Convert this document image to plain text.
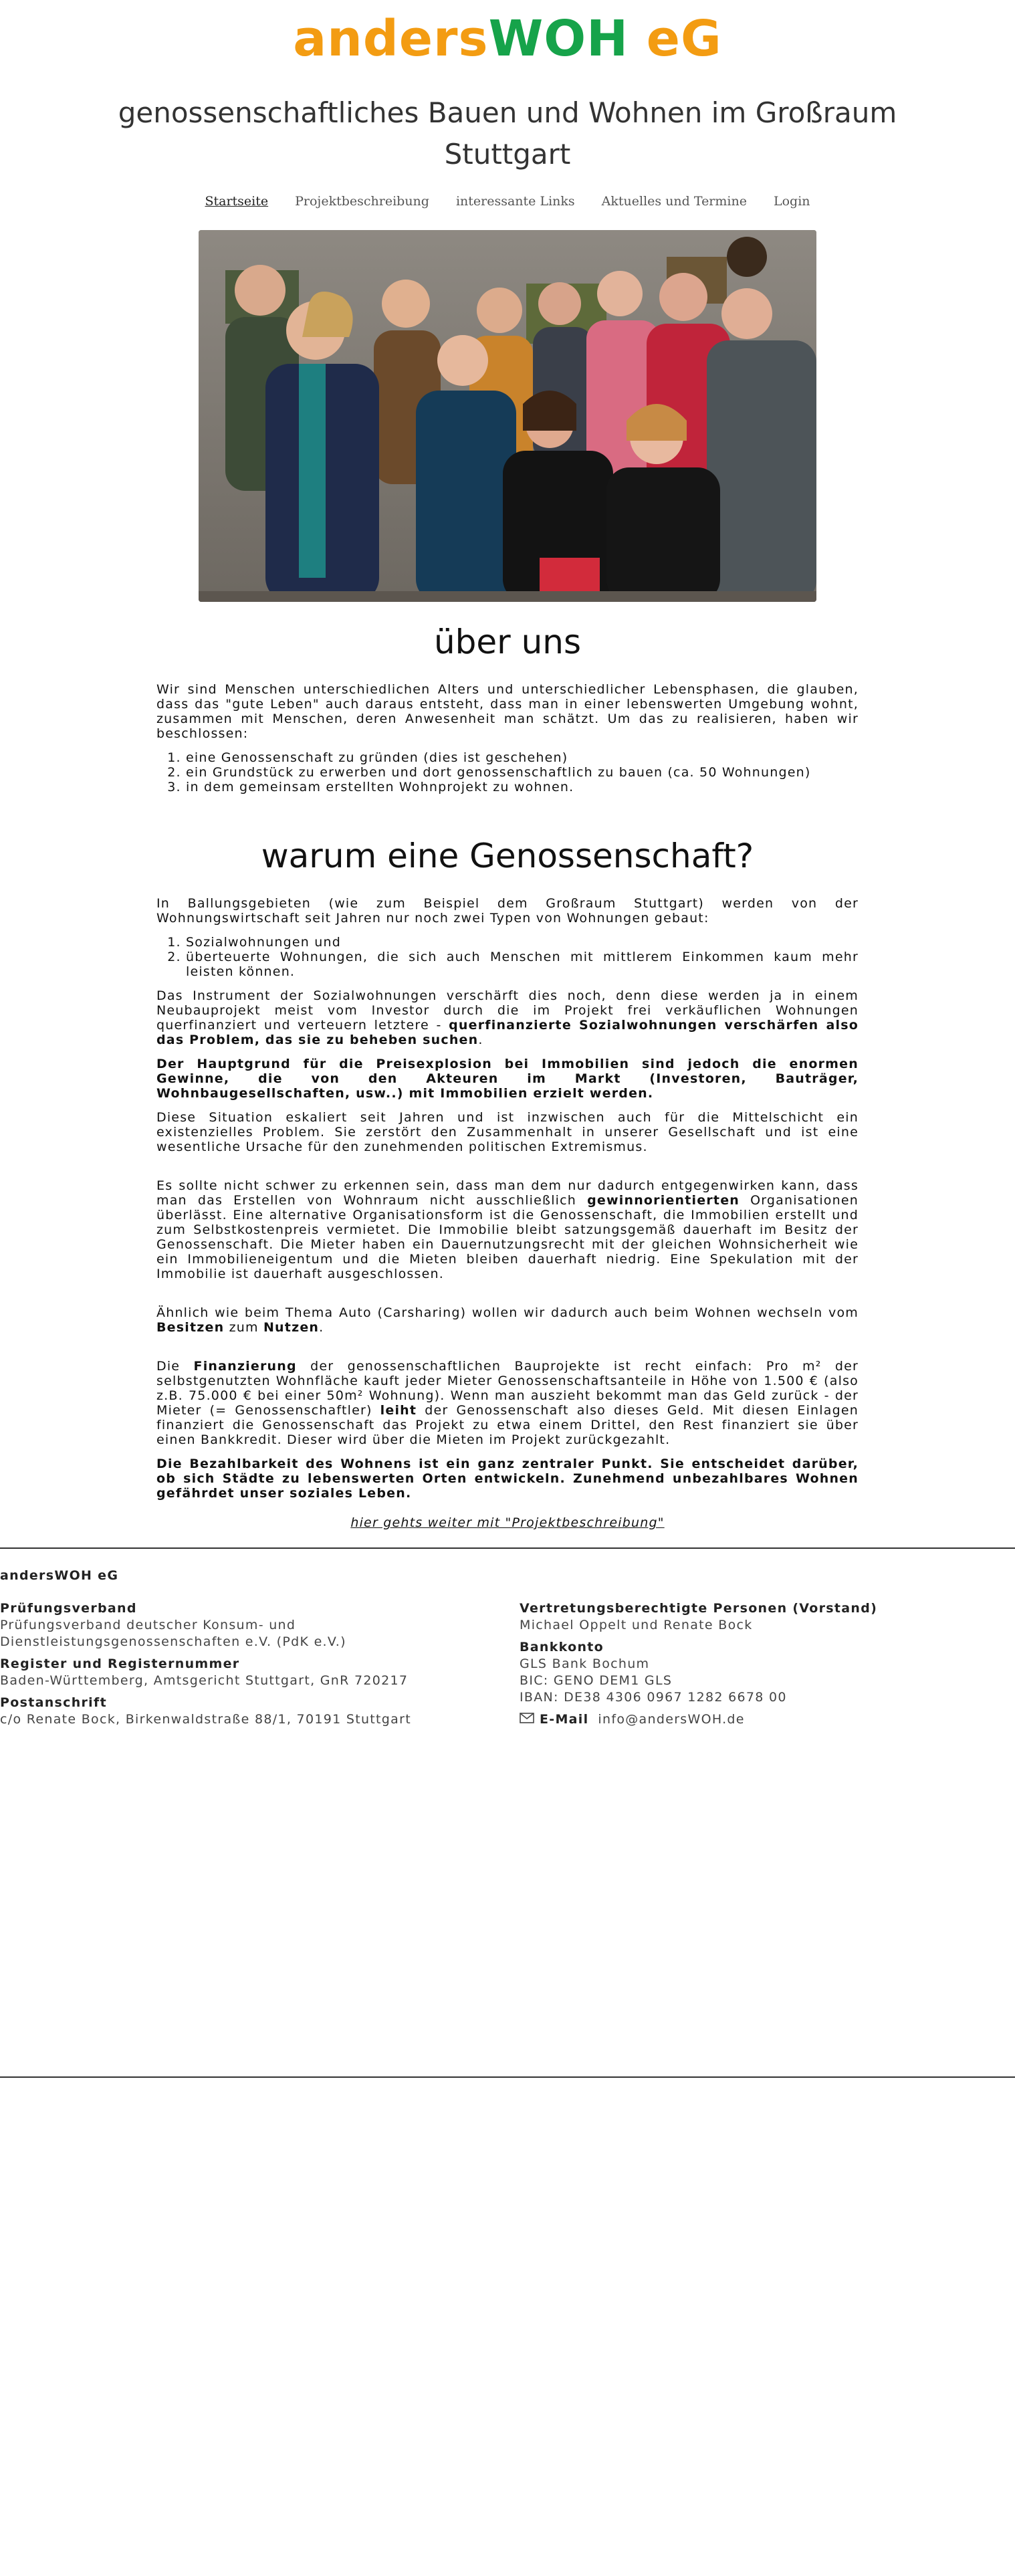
andersWOH eG
genossenschaftliches Bauen und Wohnen im Großraum Stuttgart
Startseite Projektbeschreibung interessante Links Aktuelles und Termine Login
über uns

Wir sind Menschen unterschiedlichen Alters und unterschiedlicher Lebensphasen, die glauben, dass das "gute Leben" auch daraus entsteht, dass man in einer lebenswerten Umgebung wohnt, zusammen mit Menschen, deren Anwesenheit man schätzt. Um das zu realisieren, haben wir beschlossen:

1. eine Genossenschaft zu gründen (dies ist geschehen)
2. ein Grundstück zu erwerben und dort genossenschaftlich zu bauen (ca. 50 Wohnungen)
3. in dem gemeinsam erstellten Wohnprojekt zu wohnen.
warum eine Genossenschaft?

In Ballungsgebieten (wie zum Beispiel dem Großraum Stuttgart) werden von der Wohnungswirtschaft seit Jahren nur noch zwei Typen von Wohnungen gebaut:

1. Sozialwohnungen und
2. überteuerte Wohnungen, die sich auch Menschen mit mittlerem Einkommen kaum mehr leisten können.

Das Instrument der Sozialwohnungen verschärft dies noch, denn diese werden ja in einem Neubauprojekt meist vom Investor durch die im Projekt frei verkäuflichen Wohnungen querfinanziert und verteuern letztere - querfinanzierte Sozialwohnungen verschärfen also das Problem, das sie zu beheben suchen.

Der Hauptgrund für die Preisexplosion bei Immobilien sind jedoch die enormen Gewinne, die von den Akteuren im Markt (Investoren, Bauträger, Wohnbaugesellschaften, usw..) mit Immobilien erzielt werden.

Diese Situation eskaliert seit Jahren und ist inzwischen auch für die Mittelschicht ein existenzielles Problem. Sie zerstört den Zusammenhalt in unserer Gesellschaft und ist eine wesentliche Ursache für den zunehmenden politischen Extremismus.

Es sollte nicht schwer zu erkennen sein, dass man dem nur dadurch entgegenwirken kann, dass man das Erstellen von Wohnraum nicht ausschließlich gewinnorientierten Organisationen überlässt. Eine alternative Organisationsform ist die Genossenschaft, die Immobilien erstellt und zum Selbstkostenpreis vermietet. Die Immobilie bleibt satzungsgemäß dauerhaft im Besitz der Genossenschaft. Die Mieter haben ein Dauernutzungsrecht mit der gleichen Wohnsicherheit wie ein Immobilieneigentum und die Mieten bleiben dauerhaft niedrig. Eine Spekulation mit der Immobilie ist dauerhaft ausgeschlossen.

Ähnlich wie beim Thema Auto (Carsharing) wollen wir dadurch auch beim Wohnen wechseln vom Besitzen zum Nutzen.

Die Finanzierung der genossenschaftlichen Bauprojekte ist recht einfach: Pro m² der selbstgenutzten Wohnfläche kauft jeder Mieter Genossenschaftsanteile in Höhe von 1.500 € (also z.B. 75.000 € bei einer 50m² Wohnung). Wenn man auszieht bekommt man das Geld zurück - der Mieter (= Genossenschaftler) leiht der Genossenschaft also dieses Geld. Mit diesen Einlagen finanziert die Genossenschaft das Projekt zu etwa einem Drittel, den Rest finanziert sie über einen Bankkredit. Dieser wird über die Mieten im Projekt zurückgezahlt.

Die Bezahlbarkeit des Wohnens ist ein ganz zentraler Punkt. Sie entscheidet darüber, ob sich Städte zu lebenswerten Orten entwickeln. Zunehmend unbezahlbares Wohnen gefährdet unser soziales Leben.

hier gehts weiter mit "Projektbeschreibung"
andersWOH eG
Prüfungsverband
Prüfungsverband deutscher Konsum- und Dienstleistungsgenossenschaften e.V. (PdK e.V.)
Register und Registernummer
Baden-Württemberg, Amtsgericht Stuttgart, GnR 720217
Postanschrift
c/o Renate Bock, Birkenwaldstraße 88/1, 70191 Stuttgart
Vertretungsberechtigte Personen (Vorstand)
Michael Oppelt und Renate Bock
Bankkonto
GLS Bank Bochum
BIC: GENO DEM1 GLS
IBAN: DE38 4306 0967 1282 6678 00
E-Mail info@andersWOH.de
